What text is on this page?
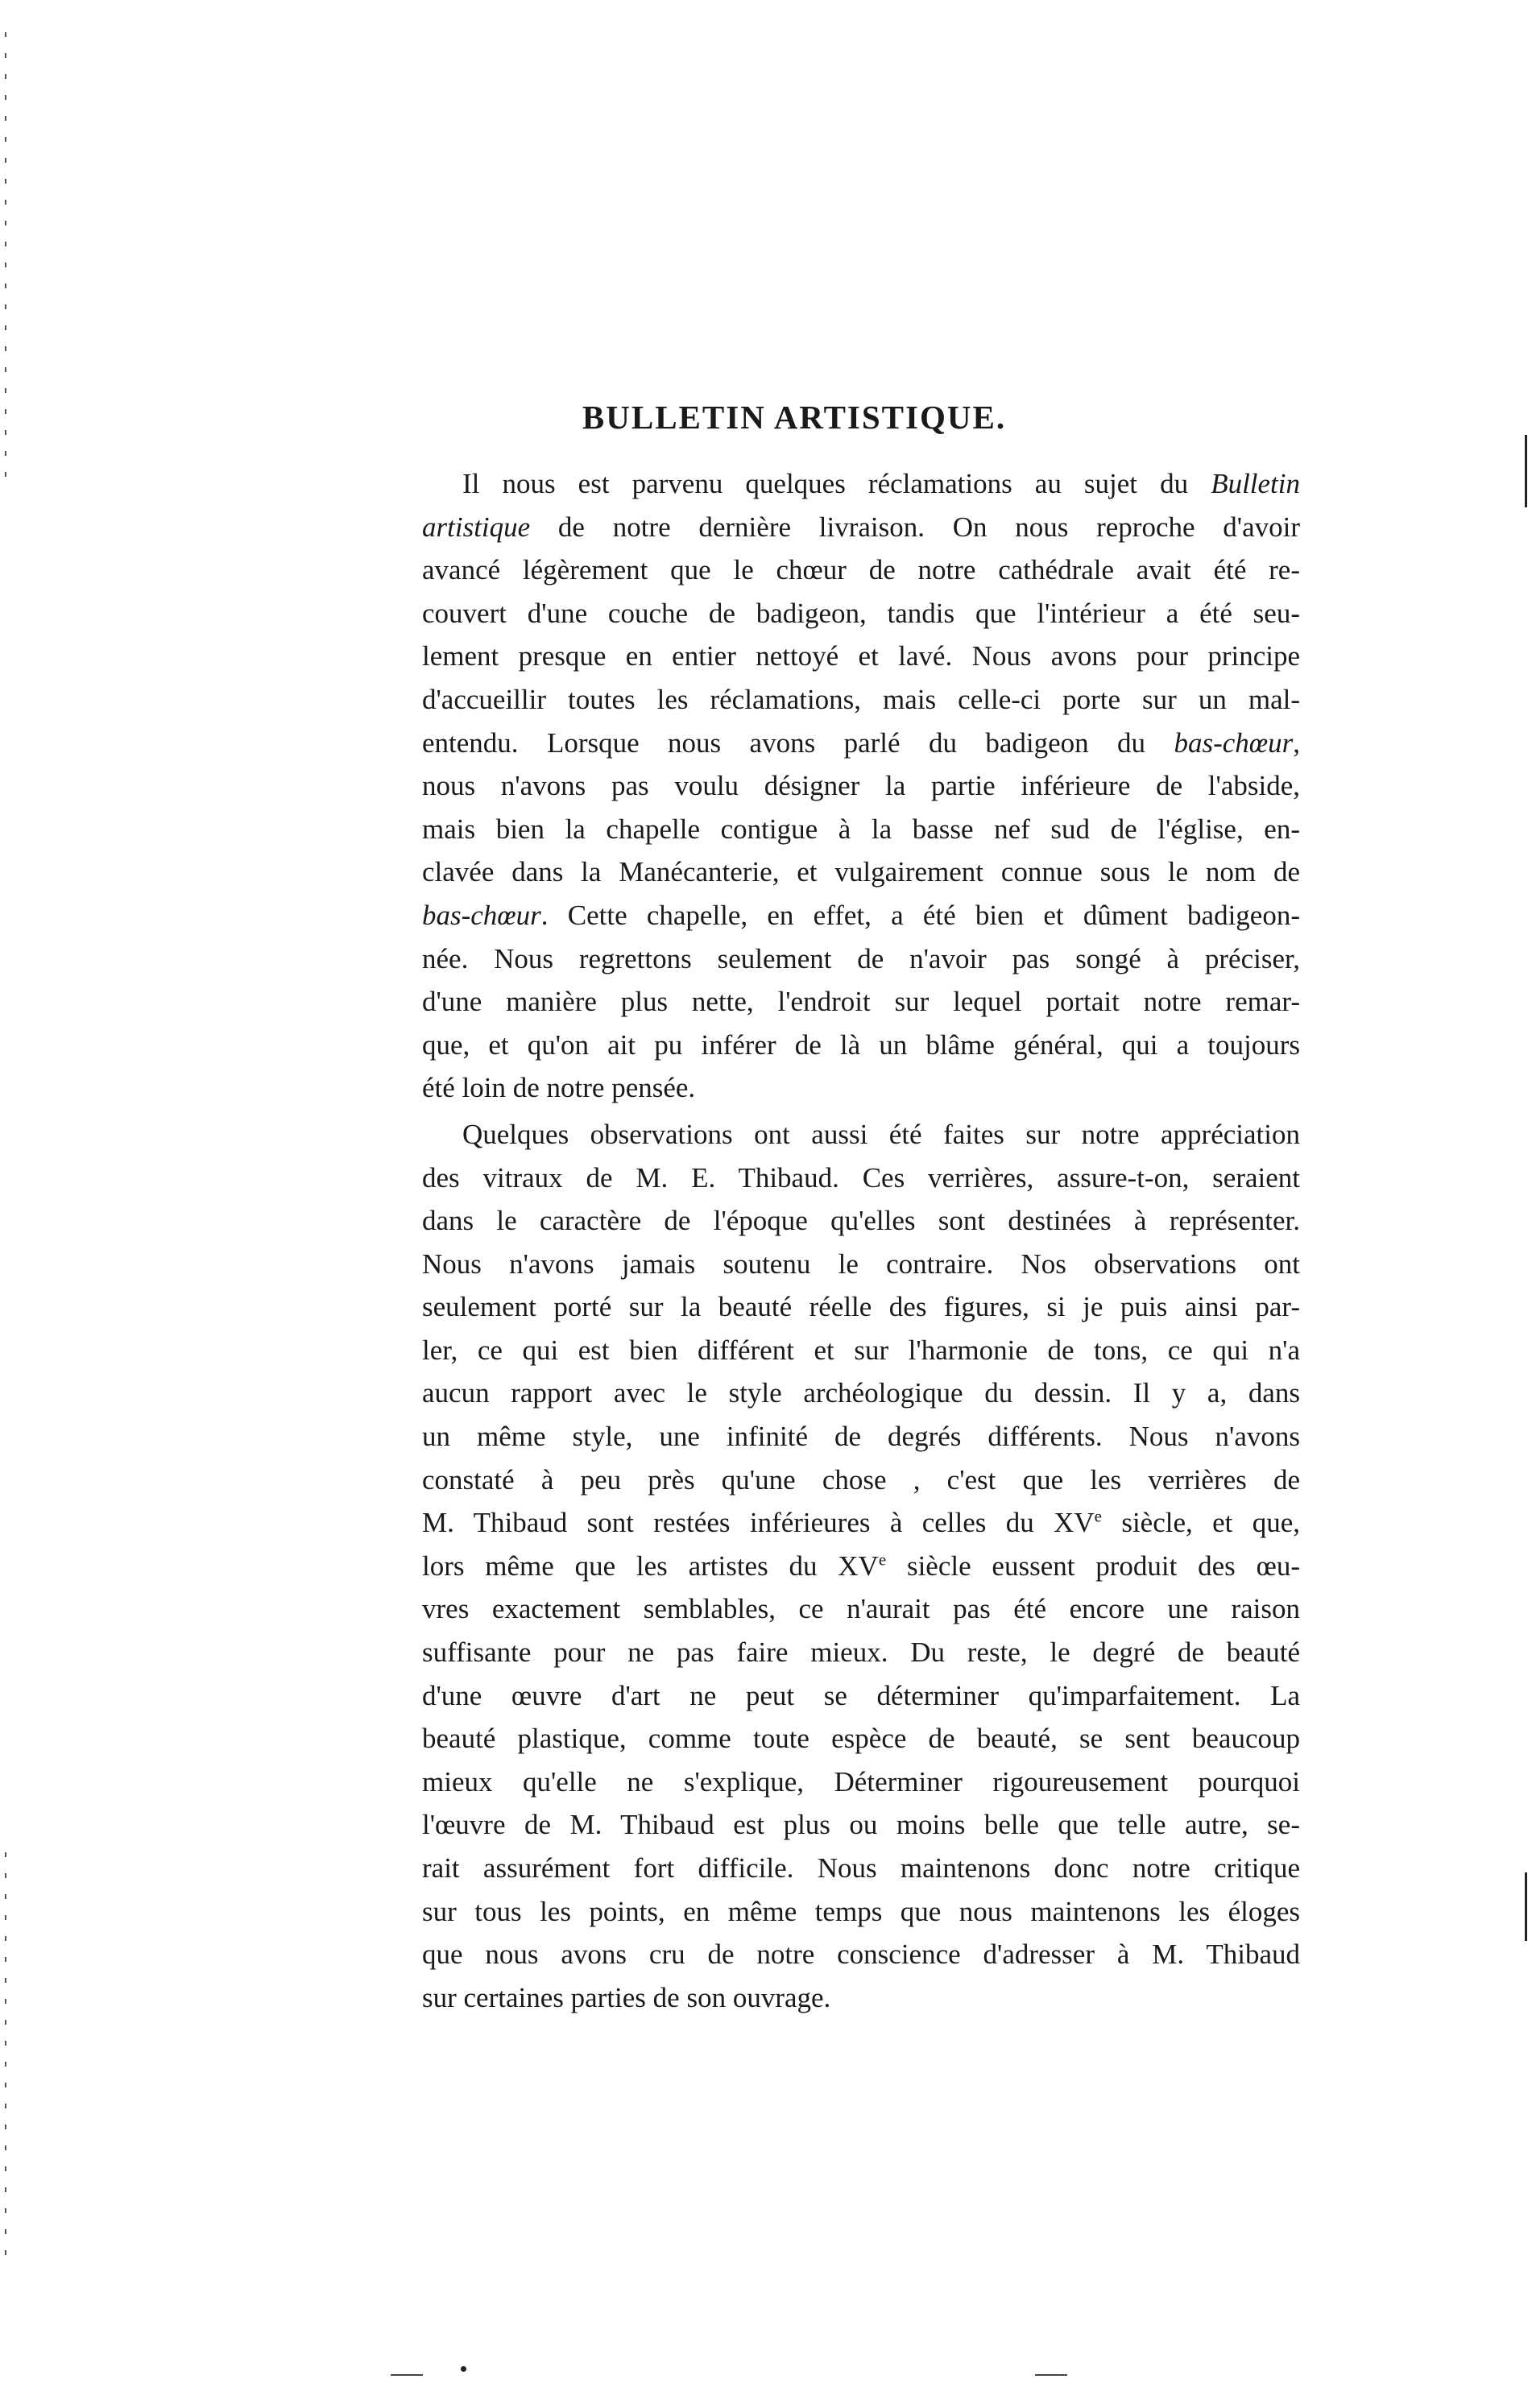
BULLETIN ARTISTIQUE.
Il nous est parvenu quelques réclamations au sujet du Bulletin
artistique de notre dernière livraison. On nous reproche d'avoir
avancé légèrement que le chœur de notre cathédrale avait été re-
couvert d'une couche de badigeon, tandis que l'intérieur a été seu-
lement presque en entier nettoyé et lavé. Nous avons pour principe
d'accueillir toutes les réclamations, mais celle-ci porte sur un mal-
entendu. Lorsque nous avons parlé du badigeon du bas-chœur,
nous n'avons pas voulu désigner la partie inférieure de l'abside,
mais bien la chapelle contigue à la basse nef sud de l'église, en-
clavée dans la Manécanterie, et vulgairement connue sous le nom de
bas-chœur. Cette chapelle, en effet, a été bien et dûment badigeon-
née. Nous regrettons seulement de n'avoir pas songé à préciser,
d'une manière plus nette, l'endroit sur lequel portait notre remar-
que, et qu'on ait pu inférer de là un blâme général, qui a toujours
été loin de notre pensée.
Quelques observations ont aussi été faites sur notre appréciation
des vitraux de M. E. Thibaud. Ces verrières, assure-t-on, seraient
dans le caractère de l'époque qu'elles sont destinées à représenter.
Nous n'avons jamais soutenu le contraire. Nos observations ont
seulement porté sur la beauté réelle des figures, si je puis ainsi par-
ler, ce qui est bien différent et sur l'harmonie de tons, ce qui n'a
aucun rapport avec le style archéologique du dessin. Il y a, dans
un même style, une infinité de degrés différents. Nous n'avons
constaté à peu près qu'une chose , c'est que les verrières de
M. Thibaud sont restées inférieures à celles du XVe siècle, et que,
lors même que les artistes du XVe siècle eussent produit des œu-
vres exactement semblables, ce n'aurait pas été encore une raison
suffisante pour ne pas faire mieux. Du reste, le degré de beauté
d'une œuvre d'art ne peut se déterminer qu'imparfaitement. La
beauté plastique, comme toute espèce de beauté, se sent beaucoup
mieux qu'elle ne s'explique, Déterminer rigoureusement pourquoi
l'œuvre de M. Thibaud est plus ou moins belle que telle autre, se-
rait assurément fort difficile. Nous maintenons donc notre critique
sur tous les points, en même temps que nous maintenons les éloges
que nous avons cru de notre conscience d'adresser à M. Thibaud
sur certaines parties de son ouvrage.
